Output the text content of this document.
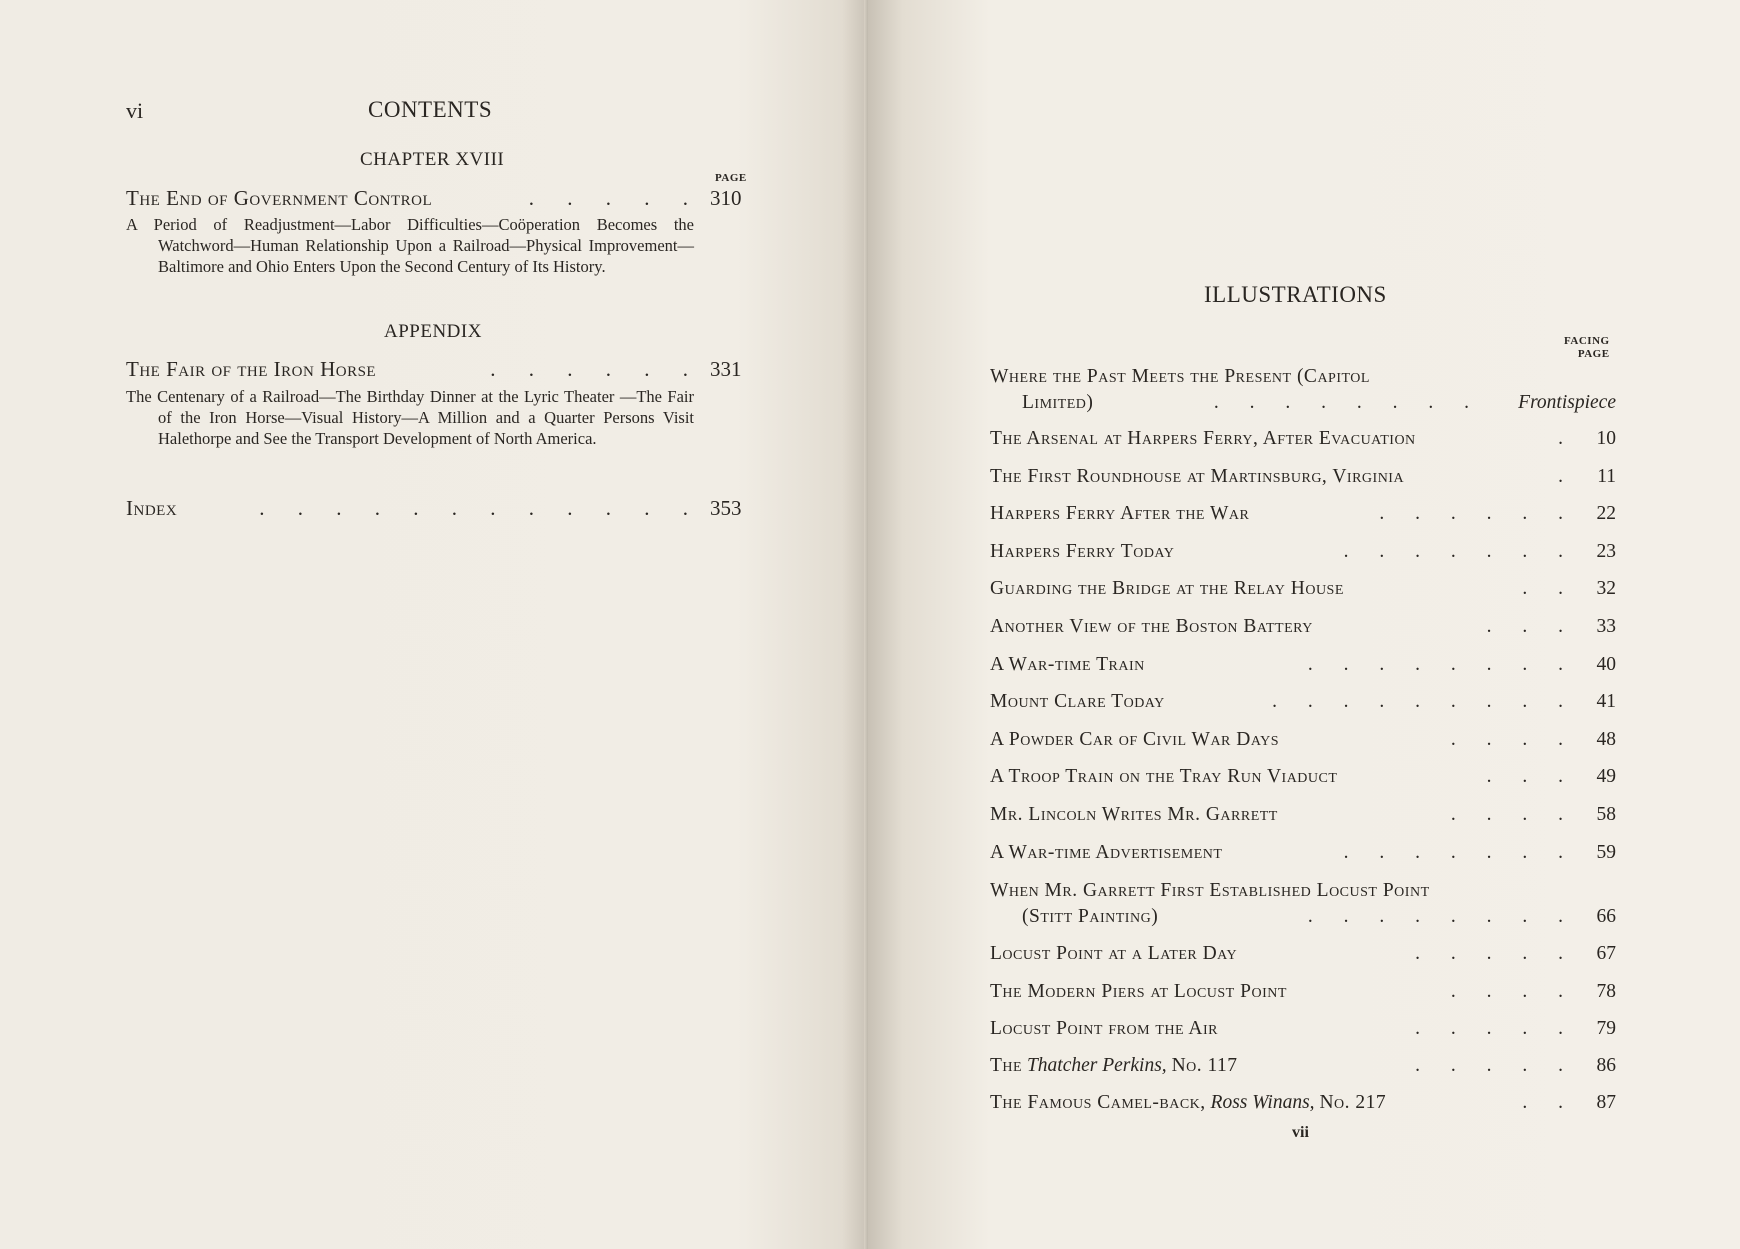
vi	CONTENTS
CHAPTER XVIII
PAGE
The End of Government Control	. . . . . 310
A Period of Readjustment—Labor Difficulties—Coöperation Becomes the Watchword—Human Relationship Upon a Railroad—Physical Improvement—Baltimore and Ohio Enters Upon the Second Century of Its History.
APPENDIX
The Fair of the Iron Horse	. . . . . . 331
The Centenary of a Railroad—The Birthday Dinner at the Lyric Theater —The Fair of the Iron Horse—Visual History—A Million and a Quarter Persons Visit Halethorpe and See the Transport Development of North America.
Index	. . . . . . . . . . . . 353
ILLUSTRATIONS
FACING
PAGE
Where the Past Meets the Present (Capitol
Limited)	. . . . . . . .	Frontispiece
The Arsenal at Harpers Ferry, After Evacuation	.	10
The First Roundhouse at Martinsburg, Virginia	.	11
Harpers Ferry After the War	. . . . . .	22
Harpers Ferry Today	. . . . . . .	23
Guarding the Bridge at the Relay House	. .	32
Another View of the Boston Battery	. . .	33
A War-time Train	. . . . . . . .	40
Mount Clare Today	. . . . . . . . .	41
A Powder Car of Civil War Days	. . . .	48
A Troop Train on the Tray Run Viaduct	. . .	49
Mr. Lincoln Writes Mr. Garrett	. . . .	58
A War-time Advertisement	. . . . . . .	59
When Mr. Garrett First Established Locust Point
(Stitt Painting)	. . . . . . . .	66
Locust Point at a Later Day	. . . . .	67
The Modern Piers at Locust Point	. . . .	78
Locust Point from the Air	. . . . .	79
The Thatcher Perkins, No. 117	. . . . .	86
The Famous Camel-back, Ross Winans, No. 217	. .	87
vii
